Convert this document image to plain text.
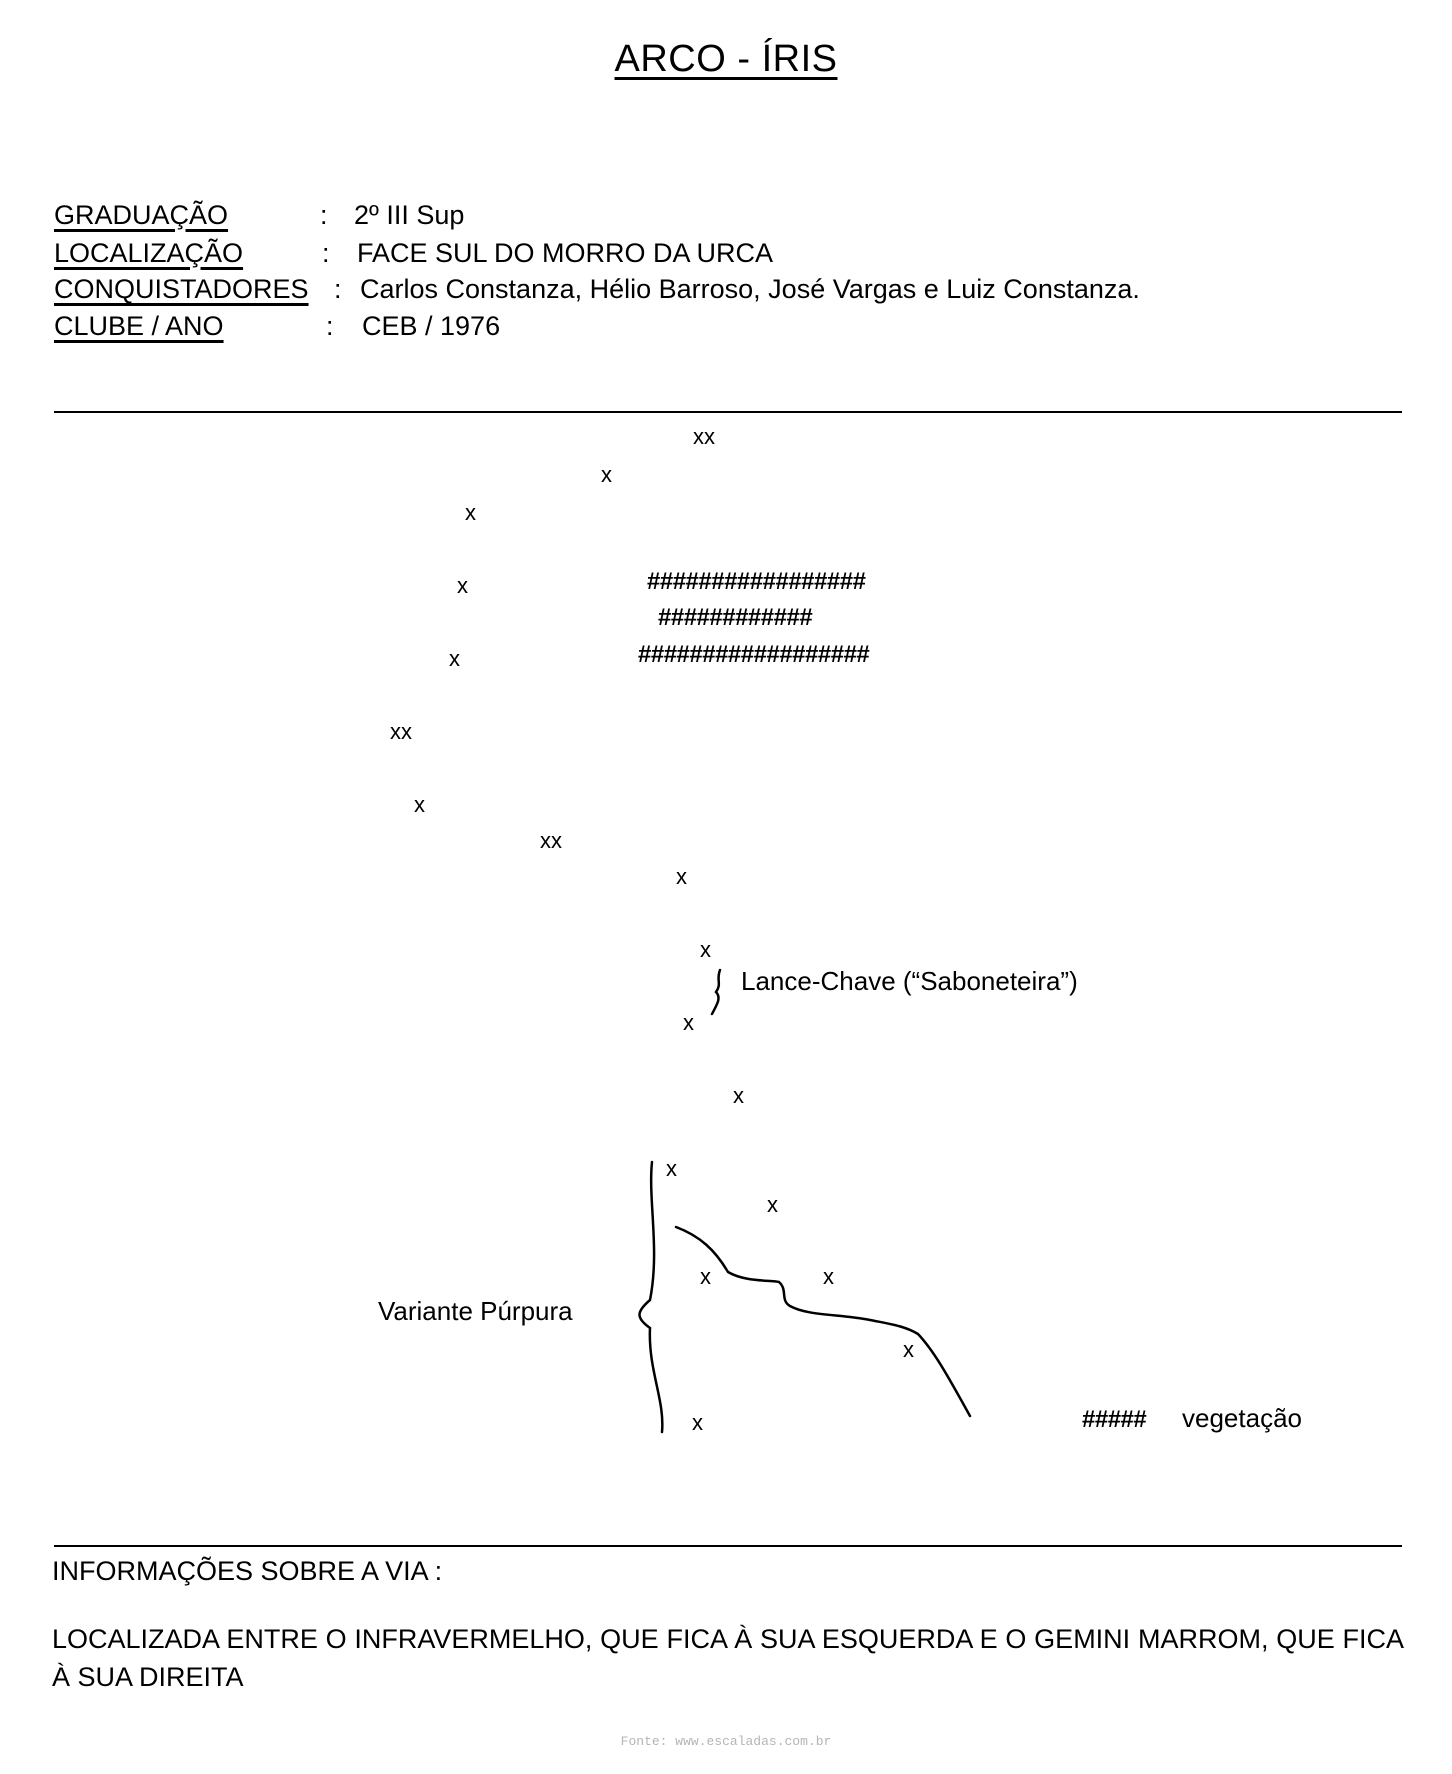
ARCO - ÍRIS
GRADUAÇÃO	: 2º III Sup
LOCALIZAÇÃO	: FACE SUL DO MORRO DA URCA
CONQUISTADORES : Carlos Constanza, Hélio Barroso, José Vargas e Luiz Constanza.
CLUBE / ANO	: CEB / 1976
xx
x
x
x
x
xx
x
xx
x
x
x
x
x
x
x	x
x
x
#################
############
##################
Lance-Chave (“Saboneteira”)
Variante Púrpura
##### vegetação
INFORMAÇÕES SOBRE A VIA :
LOCALIZADA ENTRE O INFRAVERMELHO, QUE FICA À SUA ESQUERDA E O GEMINI MARROM, QUE FICA À SUA DIREITA
Fonte: www.escaladas.com.br
